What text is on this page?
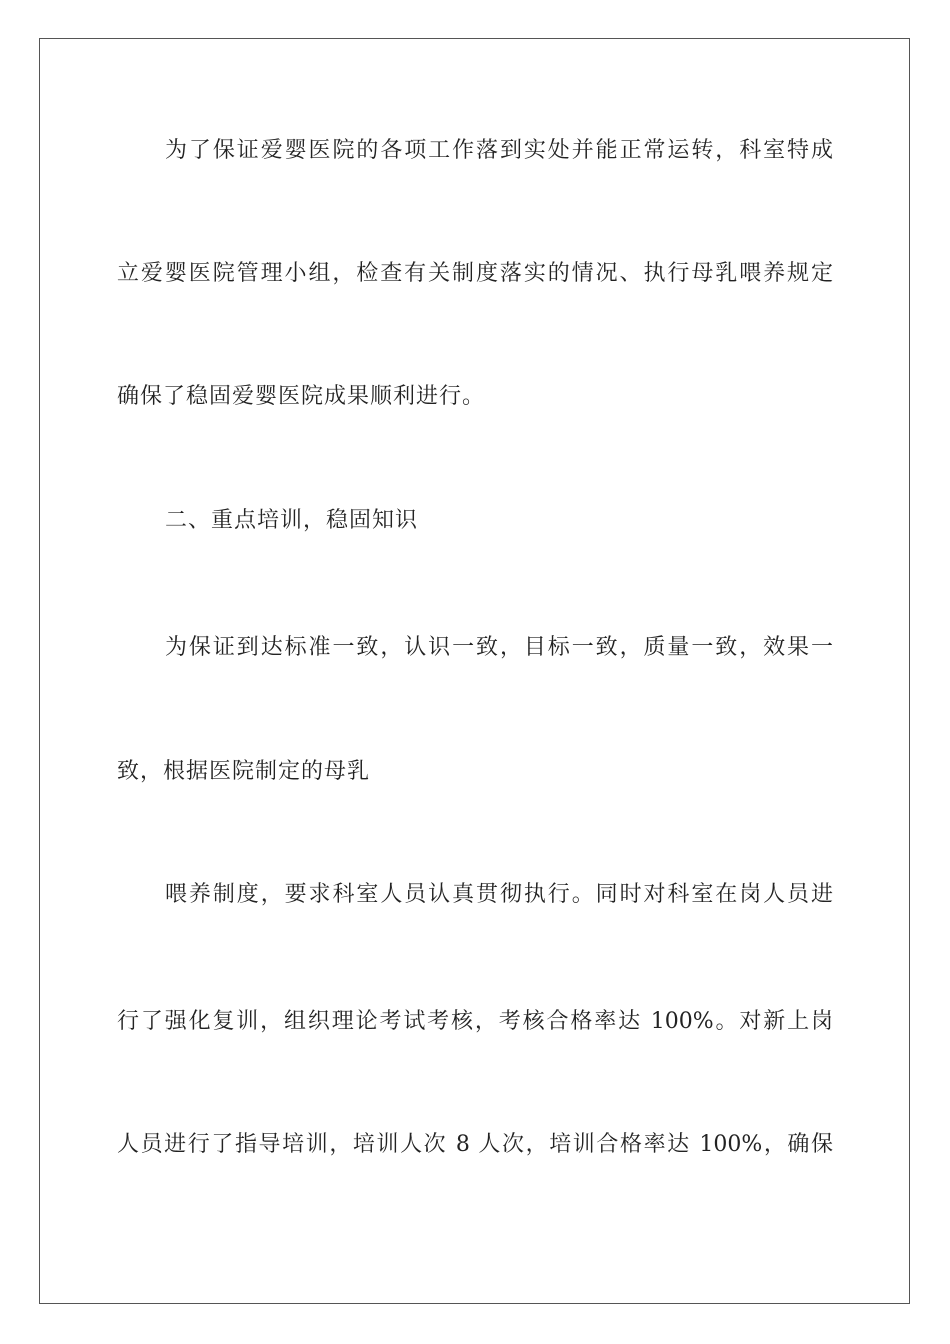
为了保证爱婴医院的各项工作落到实处并能正常运转，科室特成
立爱婴医院管理小组，检查有关制度落实的情况、执行母乳喂养规定
确保了稳固爱婴医院成果顺利进行。
二、重点培训，稳固知识
为保证到达标准一致，认识一致，目标一致，质量一致，效果一
致，根据医院制定的母乳
喂养制度，要求科室人员认真贯彻执行。同时对科室在岗人员进
行了强化复训，组织理论考试考核，考核合格率达 100%。对新上岗
人员进行了指导培训，培训人次 8 人次，培训合格率达 100%，确保
